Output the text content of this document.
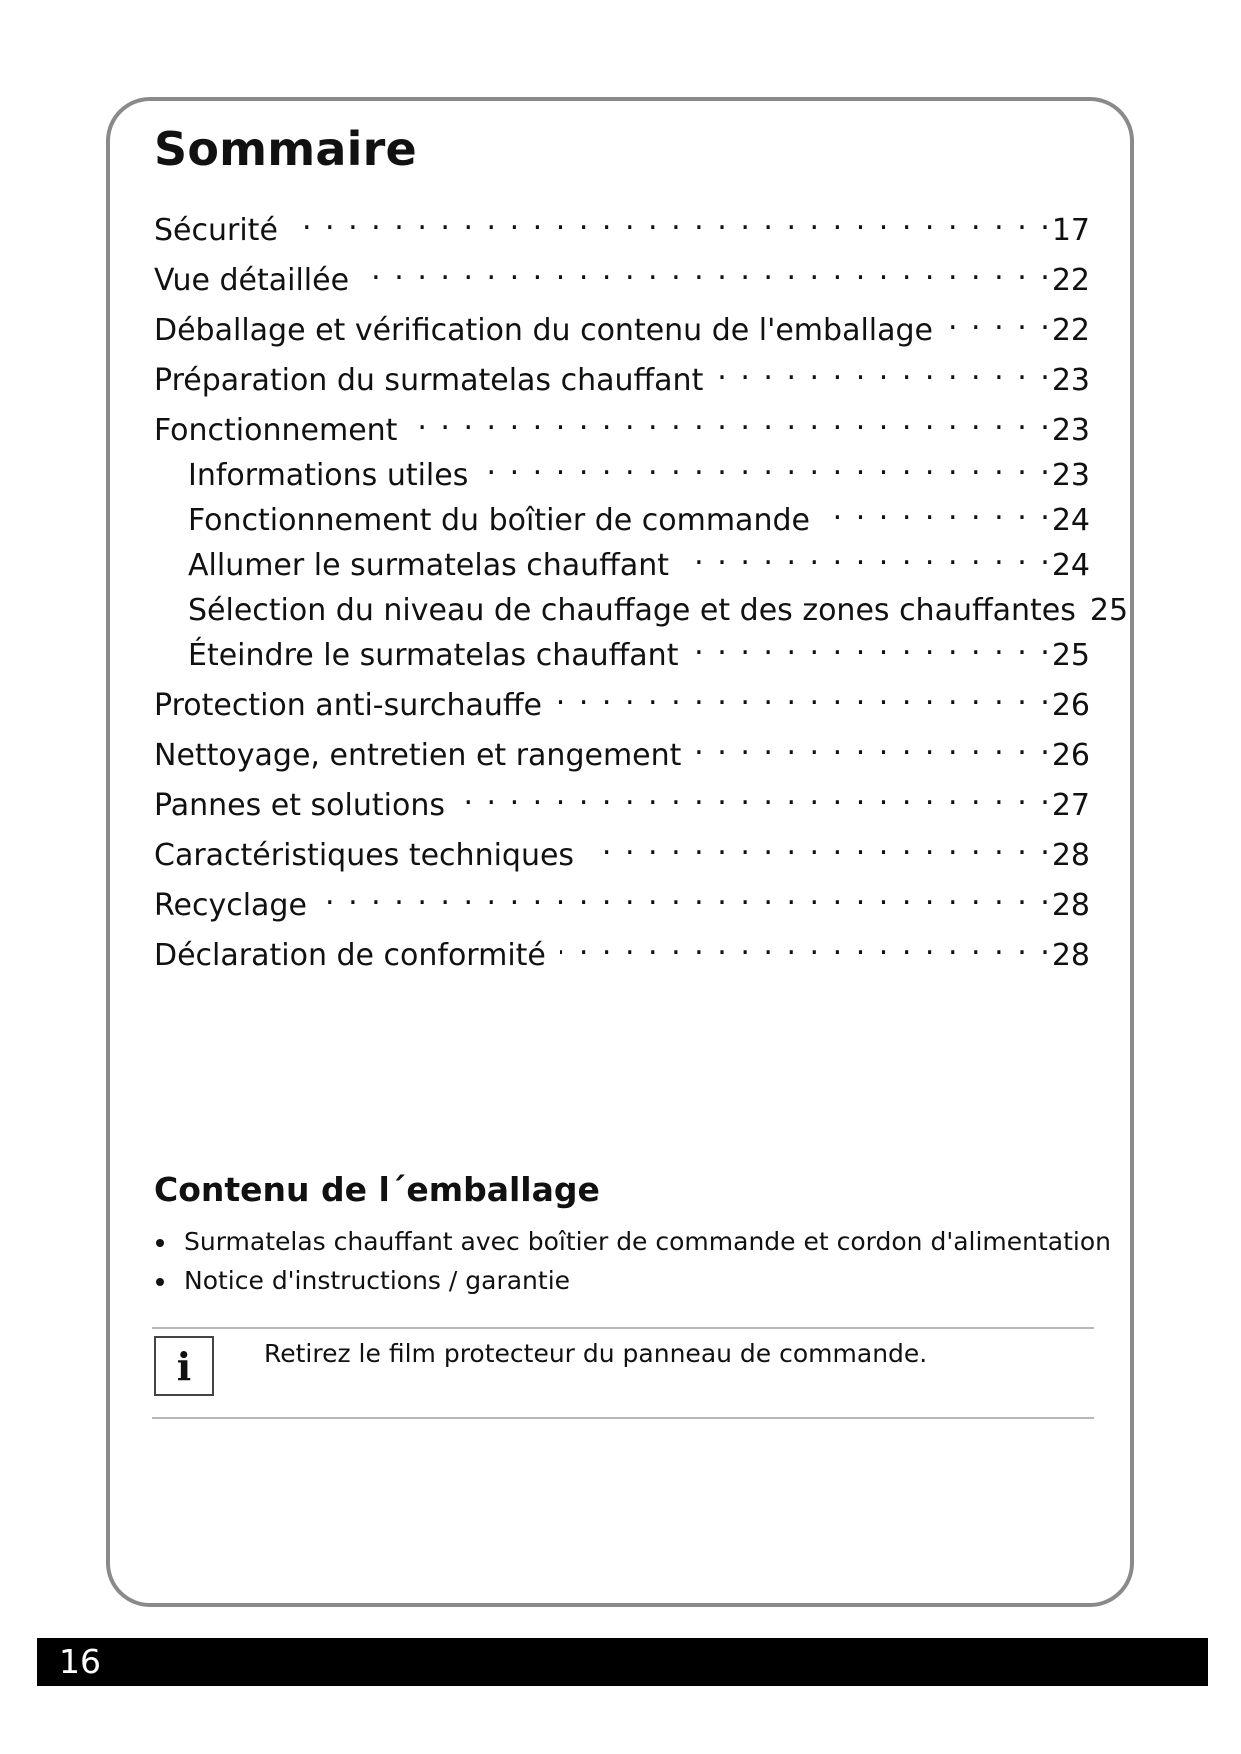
Sommaire
Sécurité . . .	17
Vue détaillée . . .	22
Déballage et vérification du contenu de l'emballage . . .	22
Préparation du surmatelas chauffant . . .	23
Fonctionnement . . .	23
Informations utiles . . .	23
Fonctionnement du boîtier de commande . . .	24
Allumer le surmatelas chauffant . . .	24
Sélection du niveau de chauffage et des zones chauffantes 25
Éteindre le surmatelas chauffant . . .	25
Protection anti-surchauffe . . .	26
Nettoyage, entretien et rangement . . .	26
Pannes et solutions . . .	27
Caractéristiques techniques . . .	28
Recyclage . . .	28
Déclaration de conformité . . .	28
Contenu de l´emballage
Surmatelas chauffant avec boîtier de commande et cordon d'alimentation
Notice d'instructions / garantie
i	Retirez le film protecteur du panneau de commande.
16
